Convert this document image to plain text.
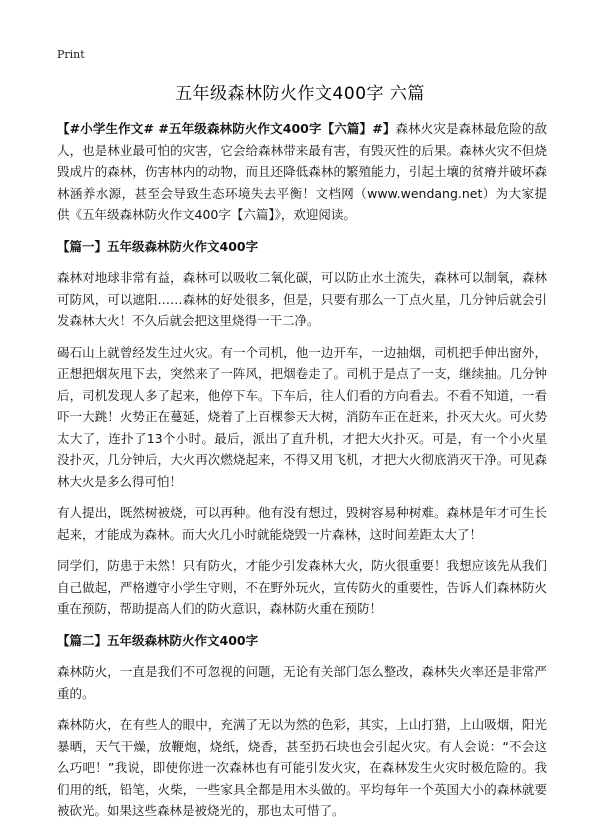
Print
五年级森林防火作文400字 六篇

【#小学生作文# #五年级森林防火作文400字【六篇】#】森林火灾是森林最危险的敌人，也是林业最可怕的灾害，它会给森林带来最有害，有毁灭性的后果。森林火灾不但烧毁成片的森林，伤害林内的动物，而且还降低森林的繁殖能力，引起土壤的贫瘠并破坏森林涵养水源，甚至会导致生态环境失去平衡！文档网（www.wendang.net）为大家提供《五年级森林防火作文400字【六篇】》，欢迎阅读。

【篇一】五年级森林防火作文400字

森林对地球非常有益，森林可以吸收二氧化碳，可以防止水土流失，森林可以制氧，森林可防风，可以遮阳……森林的好处很多，但是，只要有那么一丁点火星，几分钟后就会引发森林大火！不久后就会把这里烧得一干二净。

碣石山上就曾经发生过火灾。有一个司机，他一边开车，一边抽烟，司机把手伸出窗外，正想把烟灰甩下去，突然来了一阵风，把烟卷走了。司机于是点了一支，继续抽。几分钟后，司机发现人多了起来，他停下车。下车后，往人们看的方向看去。不看不知道，一看吓一大跳！火势正在蔓延，烧着了上百棵参天大树，消防车正在赶来，扑灭大火。可火势太大了，连扑了13个小时。最后，派出了直升机，才把大火扑灭。可是，有一个小火星没扑灭，几分钟后，大火再次燃烧起来，不得又用飞机，才把大火彻底消灭干净。可见森林大火是多么得可怕！

有人提出，既然树被烧，可以再种。他有没有想过，毁树容易种树难。森林是年才可生长起来，才能成为森林。而大火几小时就能烧毁一片森林，这时间差距太大了！

同学们，防患于未然！只有防火，才能少引发森林大火，防火很重要！我想应该先从我们自己做起，严格遵守小学生守则，不在野外玩火，宣传防火的重要性，告诉人们森林防火重在预防，帮助提高人们的防火意识，森林防火重在预防！

【篇二】五年级森林防火作文400字

森林防火，一直是我们不可忽视的问题，无论有关部门怎么整改，森林失火率还是非常严重的。

森林防火，在有些人的眼中，充满了无以为然的色彩，其实，上山打猎，上山吸烟，阳光暴晒，天气干燥，放鞭炮，烧纸，烧香，甚至扔石块也会引起火灾。有人会说：“不会这么巧吧！”我说，即使你进一次森林也有可能引发火灾，在森林发生火灾时极危险的。我们用的纸，铅笔，火柴，一些家具全都是用木头做的。平均每年一个英国大小的森林就要被砍光。如果这些森林是被烧光的，那也太可惜了。
